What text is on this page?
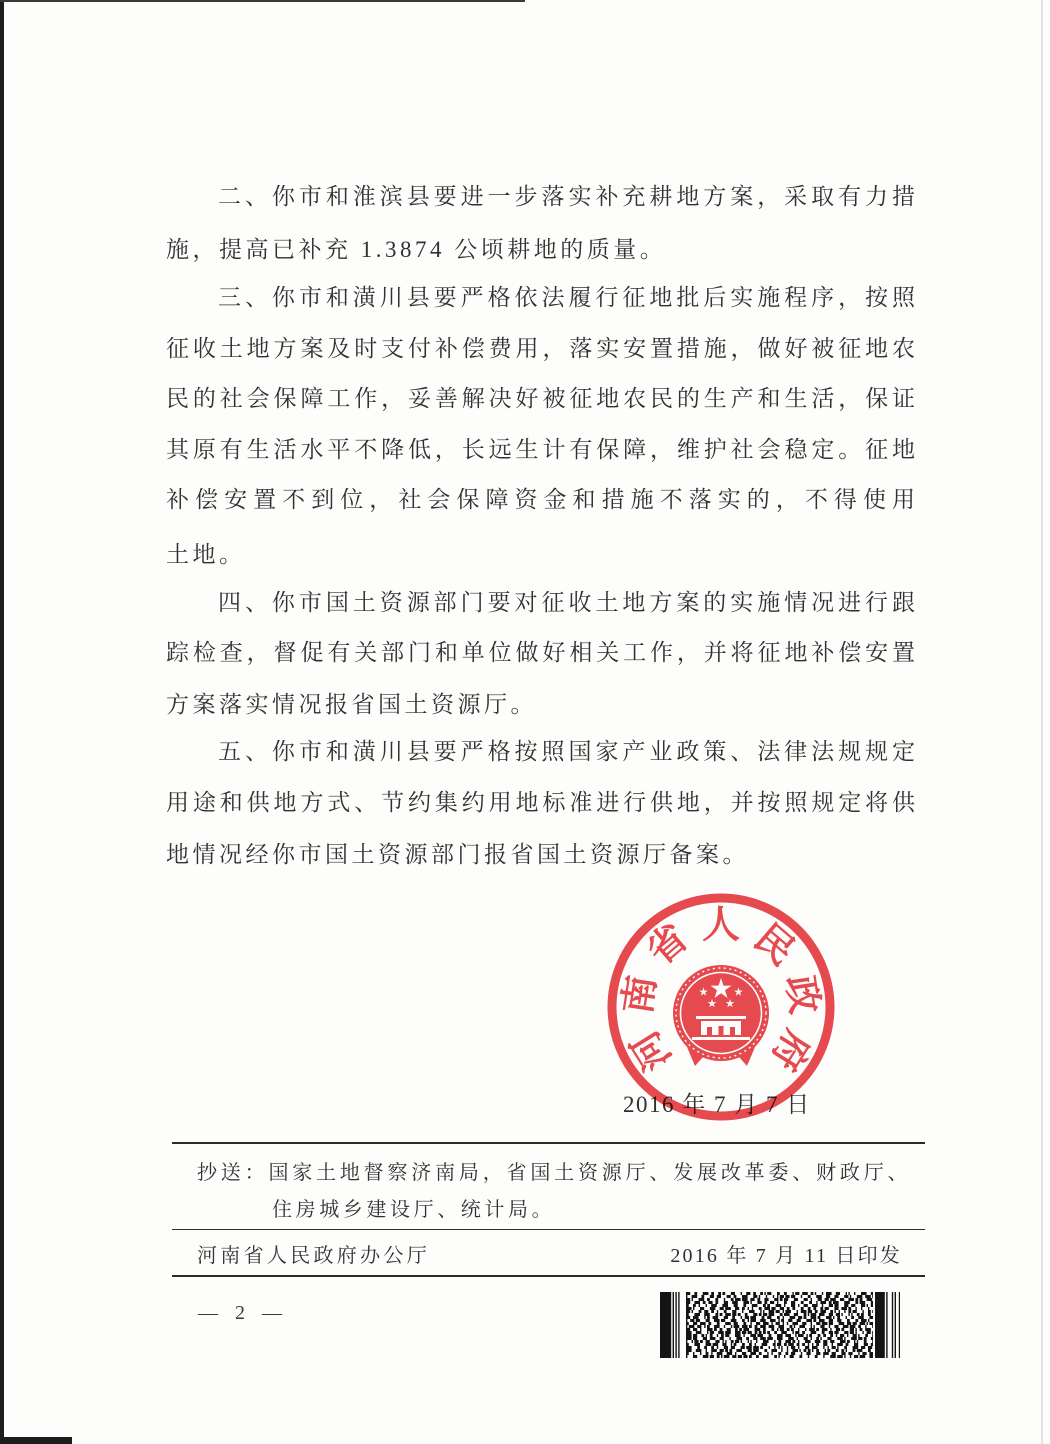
二、你市和淮滨县要进一步落实补充耕地方案，采取有力措
施，提高已补充 1.3874 公顷耕地的质量。
三、你市和潢川县要严格依法履行征地批后实施程序，按照
征收土地方案及时支付补偿费用，落实安置措施，做好被征地农
民的社会保障工作，妥善解决好被征地农民的生产和生活，保证
其原有生活水平不降低，长远生计有保障，维护社会稳定。征地
补偿安置不到位，社会保障资金和措施不落实的，不得使用
土地。
四、你市国土资源部门要对征收土地方案的实施情况进行跟
踪检查，督促有关部门和单位做好相关工作，并将征地补偿安置
方案落实情况报省国土资源厅。
五、你市和潢川县要严格按照国家产业政策、法律法规规定
用途和供地方式、节约集约用地标准进行供地，并按照规定将供
地情况经你市国土资源部门报省国土资源厅备案。
2016 年 7 月 7 日
河
南
省 人 民
政
府
抄送：国家土地督察济南局，省国土资源厅、发展改革委、财政厅、
住房城乡建设厅、统计局。
河南省人民政府办公厅	2016 年 7 月 11 日印发
— 2 —
